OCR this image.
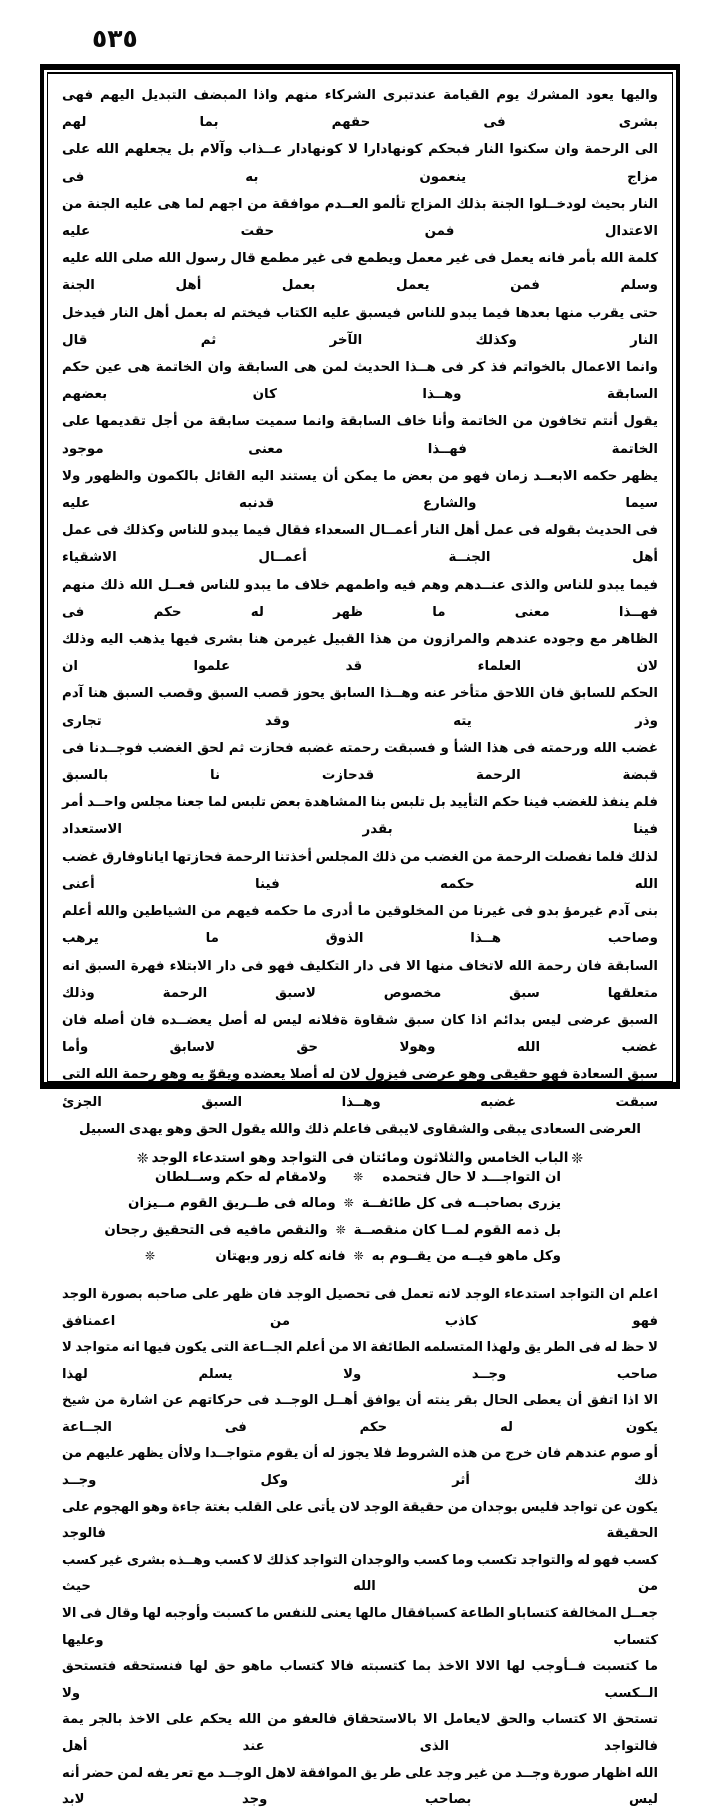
٥٣٥
واليها يعود المشرك يوم القيامة عندتبرى الشركاء منهم واذا المبضف التبديل اليهم فهى بشرى فى حقهم بما لهم
الى الرحمة وان سكنوا النار فبحكم كونهادارا لا كونهادار عــذاب وآلام بل يجعلهم الله على مزاج ينعمون به فى
النار بحيث لودخــلوا الجنة بذلك المزاج تألمو العــدم موافقة من اجهم لما هى عليه الجنة من الاعتدال فمن حقت عليه
كلمة الله بأمر فانه يعمل فى غير معمل ويطمع فى غير مطمع قال رسول الله صلى الله عليه وسلم فمن يعمل بعمل أهل الجنة
حتى يقرب منها بعدها فيما يبدو للناس فيسبق عليه الكتاب فيختم له بعمل أهل النار فيدخل النار وكذلك الآخر ثم قال
وانما الاعمال بالخواتم فذ كر فى هــذا الحديث لمن هى السابقة وان الخاتمة هى عين حكم السابقة وهــذا كان بعضهم
يقول أنتم تخافون من الخاتمة وأنا خاف السابقة وانما سميت سابقة من أجل تقديمها على الخاتمة فهــذا معنى موجود
يظهر حكمه الابعــد زمان فهو من بعض ما يمكن أن يستند اليه القائل بالكمون والظهور ولا سيما والشارع قدنبه عليه
فى الحديث بقوله فى عمل أهل النار أعمــال السعداء فقال فيما يبدو للناس وكذلك فى عمل أهل الجنــة أعمــال الاشقياء
فيما يبدو للناس والذى عنــدهم وهم فيه واطمهم خلاف ما يبدو للناس فعــل الله ذلك منهم فهــذا معنى ما ظهر له حكم فى
الظاهر مع وجوده عندهم والمرازون من هذا القبيل غيرمن هنا بشرى فيها يذهب اليه وذلك لان العلماء قد علموا ان
الحكم للسابق فان اللاحق متأخر عنه وهــذا السابق يحوز قصب السبق وقصب السبق هنا آدم وذر يته وقد تجارى
غضب الله ورحمته فى هذا الشأ و فسبقت رحمته غضبه فحازت ثم لحق الغضب فوجــدنا فى قبضة الرحمة قدحازت نا بالسبق
فلم ينفذ للغضب فينا حكم التأييد بل تلبس بنا المشاهدة بعض تلبس لما جعنا مجلس واحــد أمر فينا بقدر الاستعداد
لذلك فلما نفصلت الرحمة من الغضب من ذلك المجلس أخذتنا الرحمة فحازتها اياناوفارق غضب الله حكمه فينا أعنى
بنى آدم غيرمؤ بدو فى غيرنا من المخلوقين ما أدرى ما حكمه فيهم من الشياطين والله أعلم وصاحب هــذا الذوق ما يرهب
السابقة فان رحمة الله لاتخاف منها الا فى دار التكليف فهو فى دار الابتلاء فهرة السبق انه متعلقها سبق مخصوص لاسبق الرحمة وذلك
السبق عرضى ليس بدائم اذا كان سبق شقاوة ةفلانه ليس له أصل يعضــده فان أصله فان غضب الله وهولا حق لاسابق وأما
سبق السعادة فهو حقيقى وهو عرضى فيزول لان له أصلا يعضده ويقوّ يه وهو رحمة الله التى سبقت غضبه وهــذا السبق الجزئ
العرضى السعادى يبقى والشقاوى لايبقى فاعلم ذلك والله يقول الحق وهو يهدى السبيل
❊الباب الخامس والثلاثون ومائتان فى التواجد وهو استدعاء الوجد❊
ان التواجـــد لا حال فتحمده
❊
ولامقام له حكم وســلطان
يزرى بصاحبــه فى كل طائفــة
❊
وماله فى طــريق القوم مــيزان
بل ذمه القوم لمــا كان منقصــة
❊
والنقص مافيه فى التحقيق رجحان
وكل ماهو فيــه من يقــوم به
❊
فانه كله زور وبهتان
❊
اعلم ان التواجد استدعاء الوجد لانه تعمل فى تحصيل الوجد فان ظهر على صاحبه بصورة الوجد فهو كاذب من اعمنافق
لا حظ له فى الطر يق ولهذا المتسلمه الطائفة الا من أعلم الجــاعة التى يكون فيها انه متواجد لا صاحب وجــد ولا يسلم لهذا
الا اذا اتفق أن يعطى الحال بقر ينته أن يوافق أهــل الوجــد فى حركاتهم عن اشارة من شيخ يكون له حكم فى الجــاعة
أو صوم عندهم فان خرج من هذه الشروط فلا يجوز له أن يقوم متواجــدا ولاأن يظهر عليهم من ذلك أثر وكل وجــد
يكون عن تواجد فليس بوجدان من حقيقة الوجد لان يأتى على القلب بغتة جاءة وهو الهجوم على الحقيقة فالوجد
كسب فهو له والتواجد تكسب وما كسب والوجدان التواجد كذلك لا كسب وهــذه بشرى غير كسب من الله حيث
جعــل المخالفة كتساباو الطاعة كسبافقال مالها يعنى للنفس ما كسبت وأوجبه لها وقال فى الا كتساب وعليها
ما كتسبت فــأوجب لها الالا الاخذ بما كتسبته فالا كتساب ماهو حق لها فنستحقه فتستحق الــكسب ولا
تستحق الا كتساب والحق لايعامل الا بالاستحقاق فالعفو من الله يحكم على الاخذ بالجر يمة فالتواجد الذى عند أهل
الله اظهار صورة وجــد من غير وجد على طر يق الموافقة لاهل الوجــد مع تعر يفه لمن حضر أنه ليس بصاحب وجد لابد
